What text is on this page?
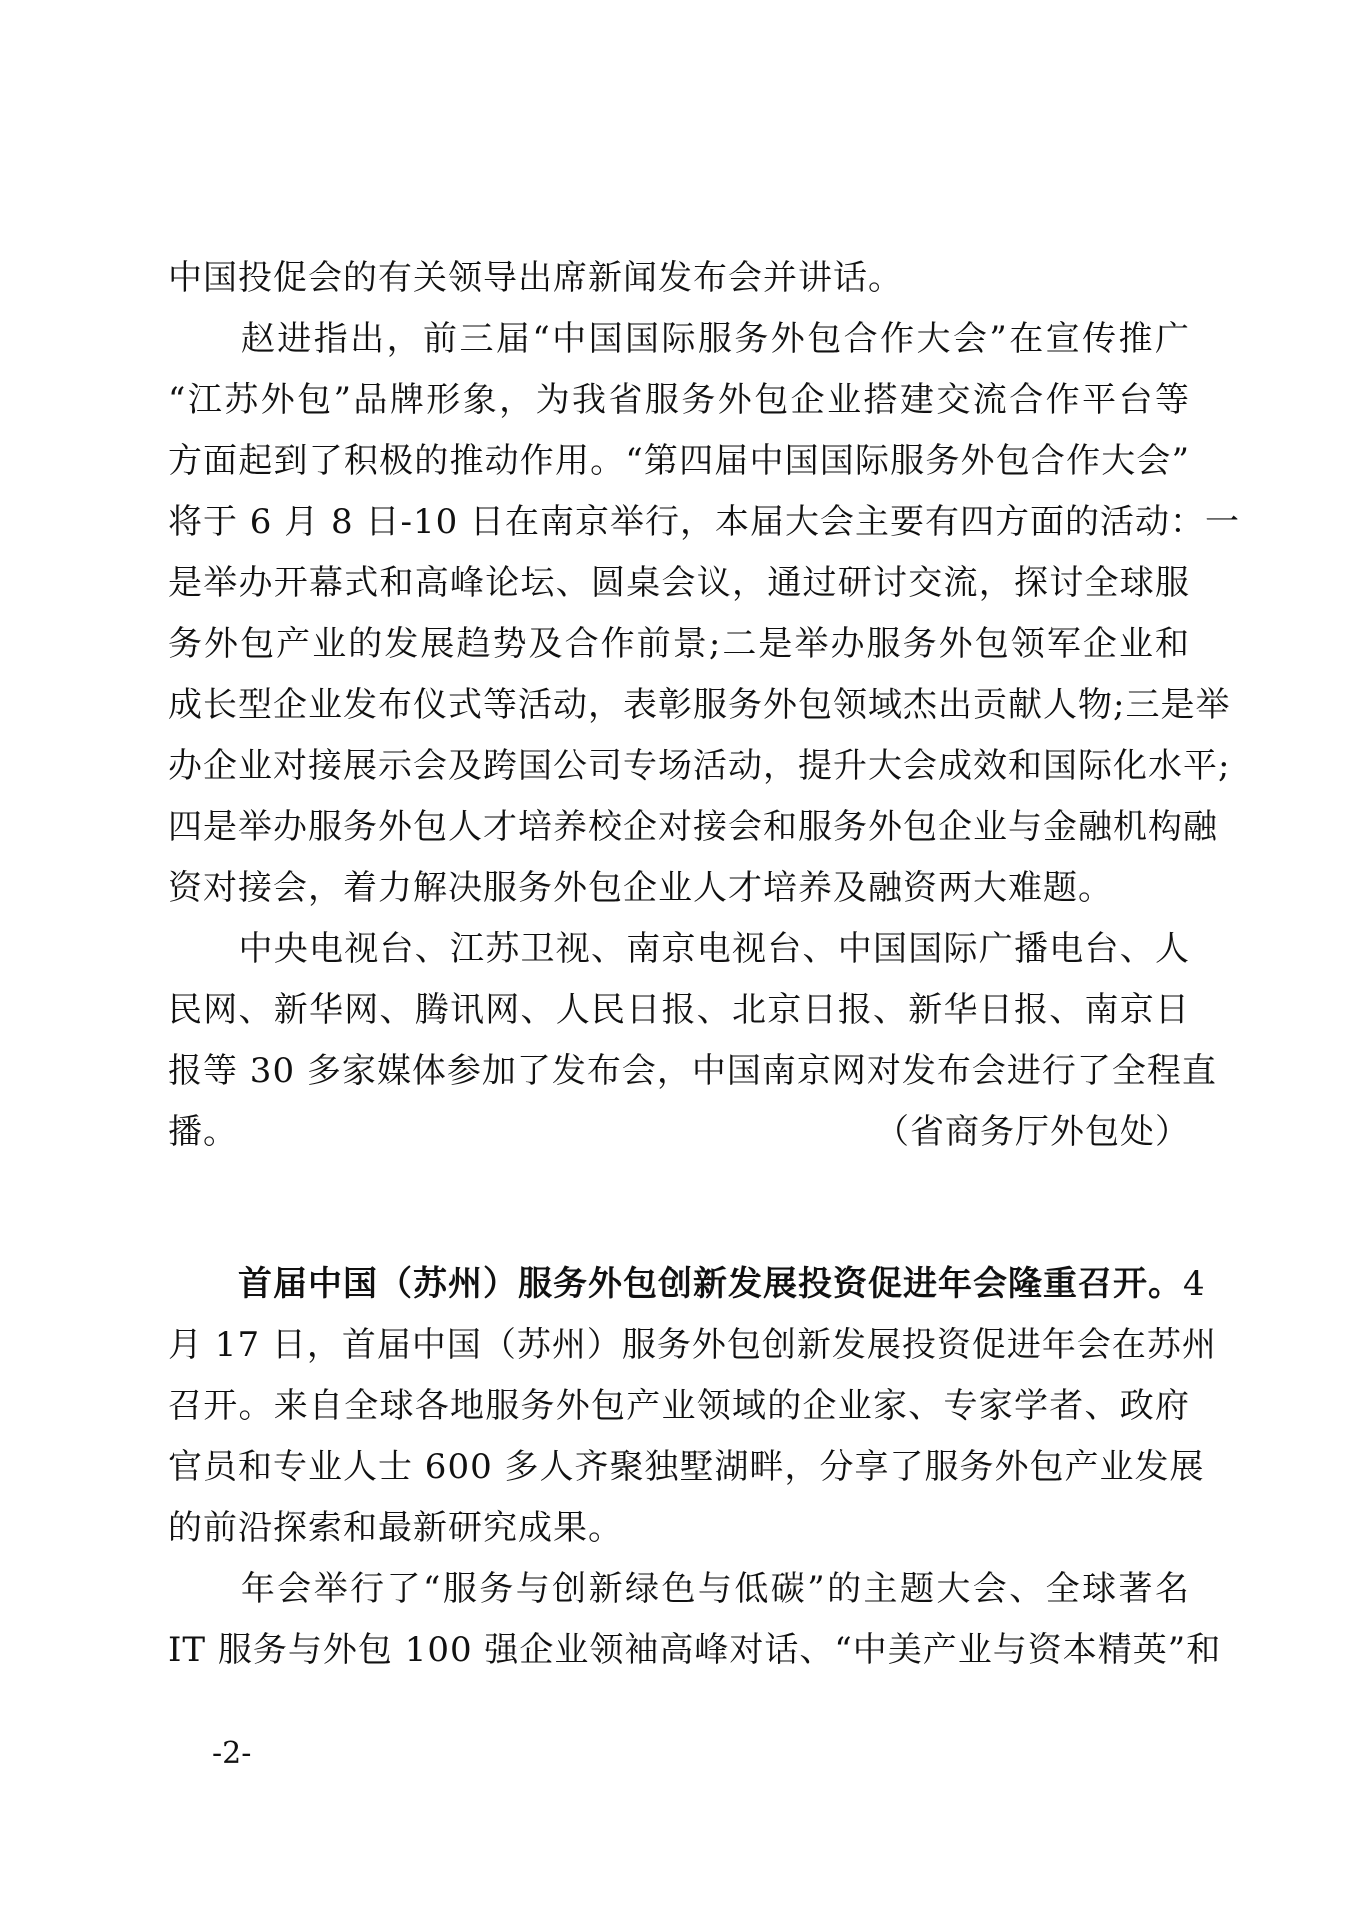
中国投促会的有关领导出席新闻发布会并讲话。
　　赵进指出，前三届“中国国际服务外包合作大会”在宣传推广
“江苏外包”品牌形象，为我省服务外包企业搭建交流合作平台等
方面起到了积极的推动作用。“第四届中国国际服务外包合作大会”
将于 6 月 8 日-10 日在南京举行，本届大会主要有四方面的活动：一
是举办开幕式和高峰论坛、圆桌会议，通过研讨交流，探讨全球服
务外包产业的发展趋势及合作前景;二是举办服务外包领军企业和
成长型企业发布仪式等活动，表彰服务外包领域杰出贡献人物;三是举
办企业对接展示会及跨国公司专场活动，提升大会成效和国际化水平;
四是举办服务外包人才培养校企对接会和服务外包企业与金融机构融
资对接会，着力解决服务外包企业人才培养及融资两大难题。
　　中央电视台、江苏卫视、南京电视台、中国国际广播电台、人
民网、新华网、腾讯网、人民日报、北京日报、新华日报、南京日
报等 30 多家媒体参加了发布会，中国南京网对发布会进行了全程直
播。	（省商务厅外包处）
　　首届中国（苏州）服务外包创新发展投资促进年会隆重召开。4
月 17 日，首届中国（苏州）服务外包创新发展投资促进年会在苏州
召开。来自全球各地服务外包产业领域的企业家、专家学者、政府
官员和专业人士 600 多人齐聚独墅湖畔，分享了服务外包产业发展
的前沿探索和最新研究成果。
　　年会举行了“服务与创新绿色与低碳”的主题大会、全球著名
IT 服务与外包 100 强企业领袖高峰对话、“中美产业与资本精英”和
-2-
